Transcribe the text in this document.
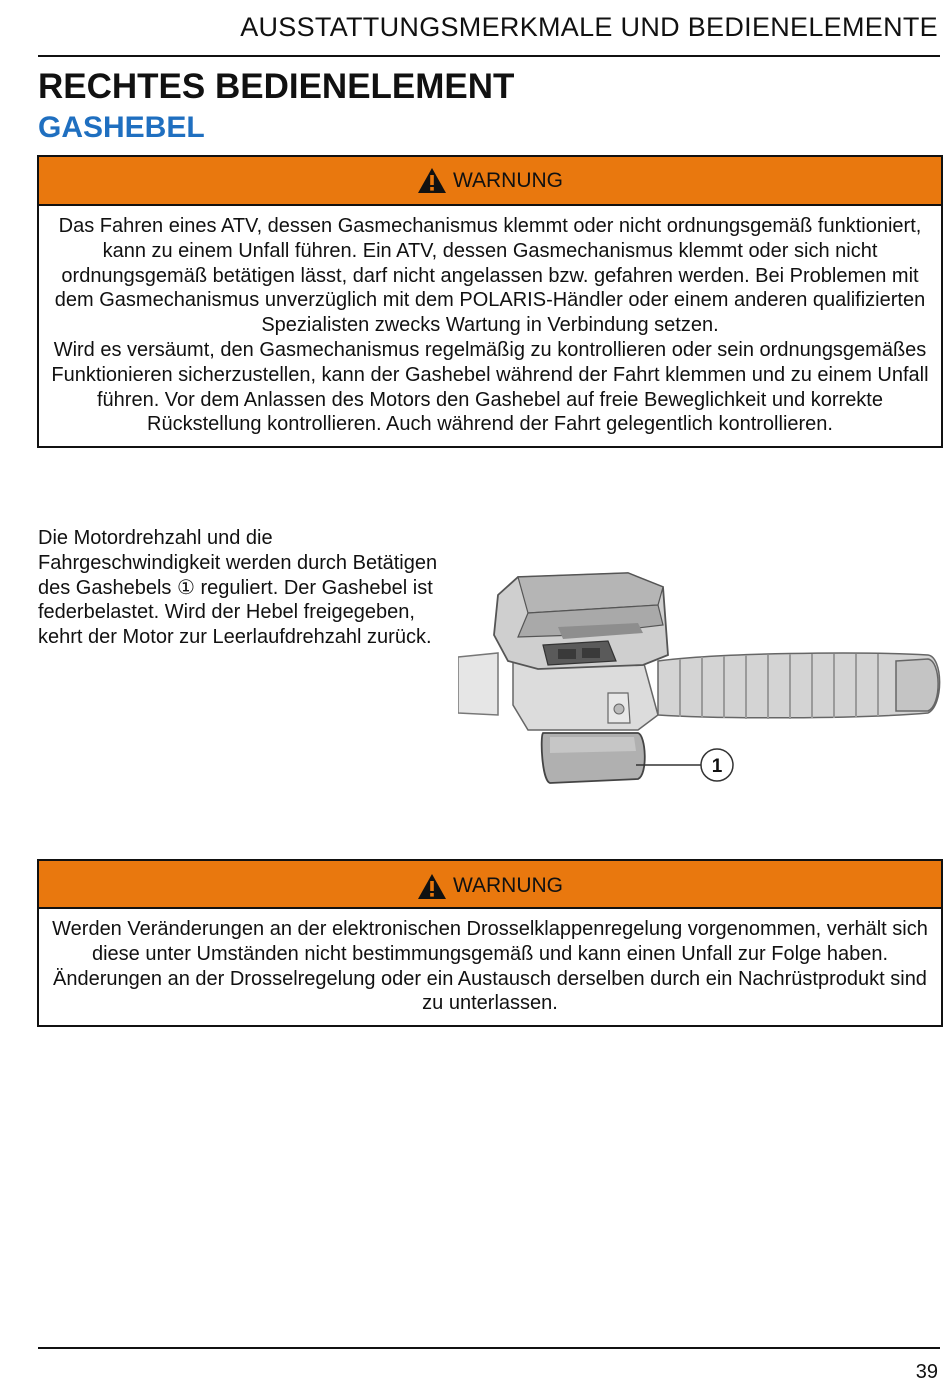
AUSSTATTUNGSMERKMALE UND BEDIENELEMENTE
RECHTES BEDIENELEMENT
GASHEBEL
WARNUNG

Das Fahren eines ATV, dessen Gasmechanismus klemmt oder nicht ordnungsgemäß funktioniert, kann zu einem Unfall führen. Ein ATV, dessen Gasmechanismus klemmt oder sich nicht ordnungsgemäß betätigen lässt, darf nicht angelassen bzw. gefahren werden. Bei Problemen mit dem Gasmechanismus unverzüglich mit dem POLARIS-Händler oder einem anderen qualifizierten Spezialisten zwecks Wartung in Verbindung setzen.

Wird es versäumt, den Gasmechanismus regelmäßig zu kontrollieren oder sein ordnungsgemäßes Funktionieren sicherzustellen, kann der Gashebel während der Fahrt klemmen und zu einem Unfall führen. Vor dem Anlassen des Motors den Gashebel auf freie Beweglichkeit und korrekte Rückstellung kontrollieren. Auch während der Fahrt gelegentlich kontrollieren.

Die Motordrehzahl und die Fahrgeschwindigkeit werden durch Betätigen des Gashebels ① reguliert. Der Gashebel ist federbelastet. Wird der Hebel freigegeben, kehrt der Motor zur Leerlaufdrehzahl zurück.

1
WARNUNG

Werden Veränderungen an der elektronischen Drosselklappenregelung vorgenommen, verhält sich diese unter Umständen nicht bestimmungsgemäß und kann einen Unfall zur Folge haben. Änderungen an der Drosselregelung oder ein Austausch derselben durch ein Nachrüstprodukt sind zu unterlassen.

39
